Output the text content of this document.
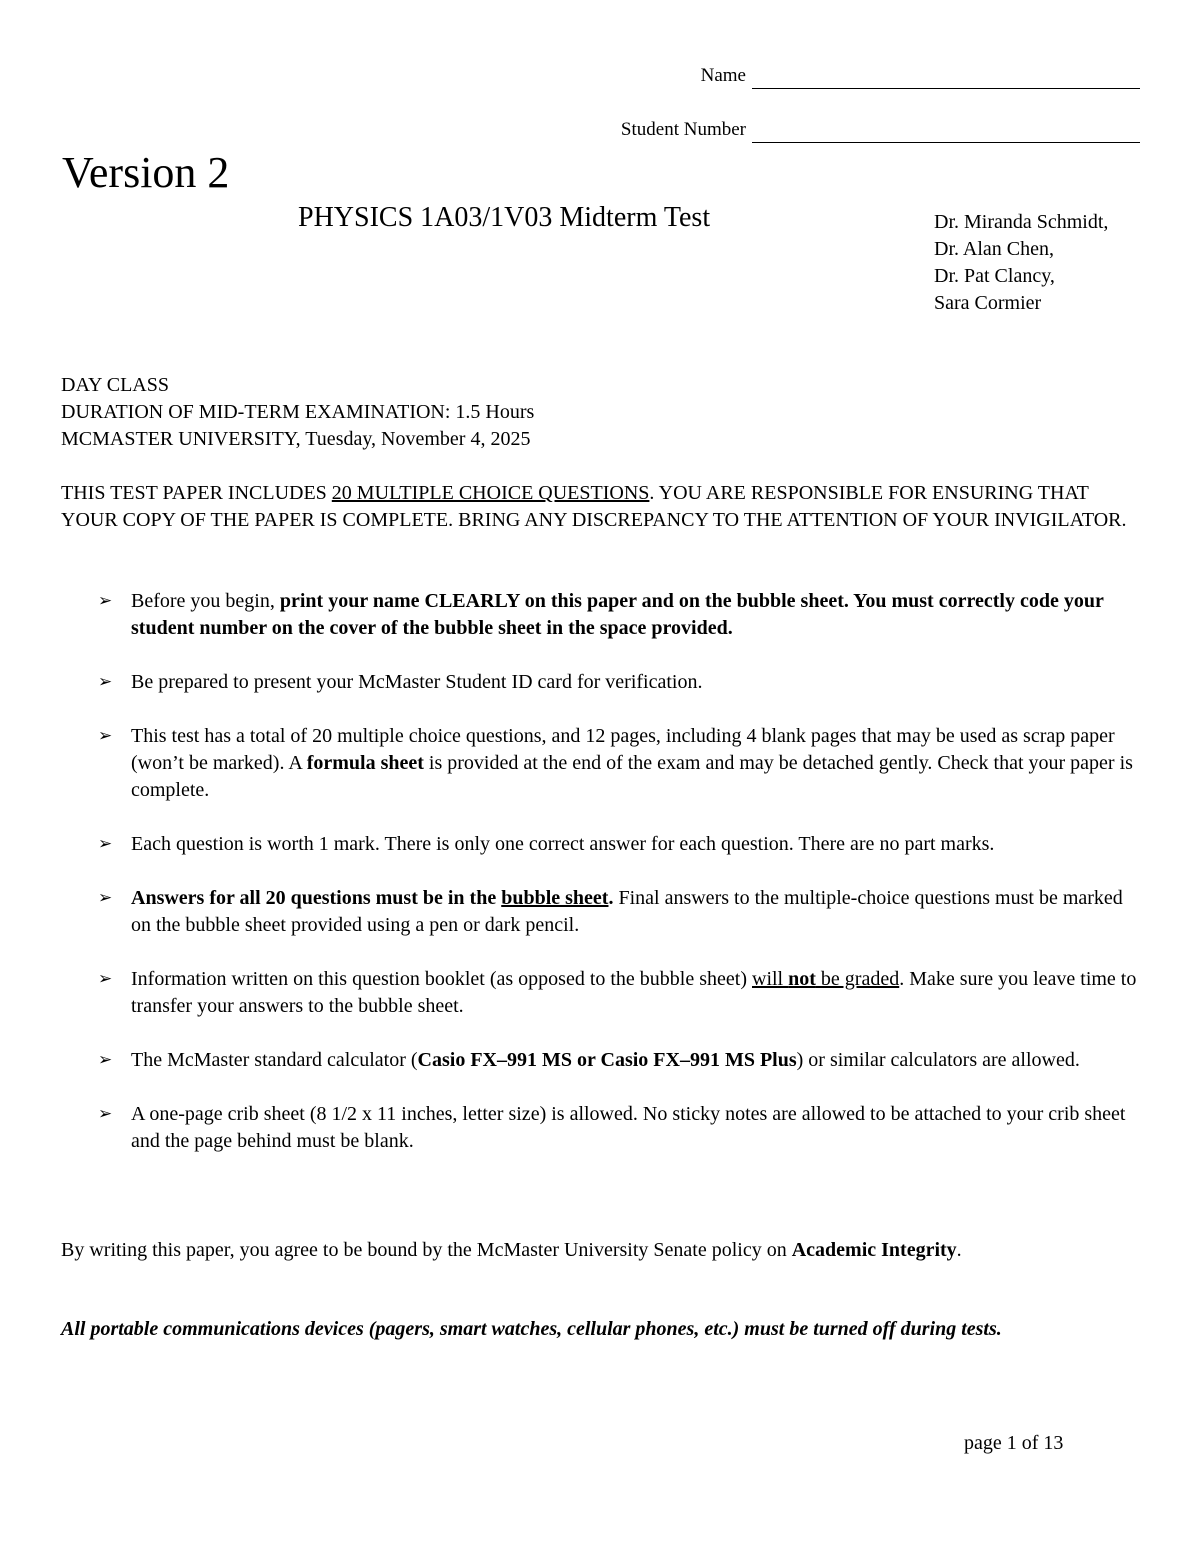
Name
Student Number
Version 2
PHYSICS 1A03/1V03 Midterm Test	Dr. Miranda Schmidt,
Dr. Alan Chen,
Dr. Pat Clancy,
Sara Cormier
DAY CLASS
DURATION OF MID-TERM EXAMINATION: 1.5 Hours
MCMASTER UNIVERSITY, Tuesday, November 4, 2025
THIS TEST PAPER INCLUDES 20 MULTIPLE CHOICE QUESTIONS. YOU ARE RESPONSIBLE FOR ENSURING THAT YOUR COPY OF THE PAPER IS COMPLETE. BRING ANY DISCREPANCY TO THE ATTENTION OF YOUR INVIGILATOR.
➢ Before you begin, print your name CLEARLY on this paper and on the bubble sheet. You must correctly code your student number on the cover of the bubble sheet in the space provided.
➢ Be prepared to present your McMaster Student ID card for verification.
➢ This test has a total of 20 multiple choice questions, and 12 pages, including 4 blank pages that may be used as scrap paper (won’t be marked). A formula sheet is provided at the end of the exam and may be detached gently. Check that your paper is complete.
➢ Each question is worth 1 mark. There is only one correct answer for each question. There are no part marks.
➢ Answers for all 20 questions must be in the bubble sheet. Final answers to the multiple-choice questions must be marked on the bubble sheet provided using a pen or dark pencil.
➢ Information written on this question booklet (as opposed to the bubble sheet) will not be graded. Make sure you leave time to transfer your answers to the bubble sheet.
➢ The McMaster standard calculator (Casio FX–991 MS or Casio FX–991 MS Plus) or similar calculators are allowed.
➢ A one-page crib sheet (8 1/2 x 11 inches, letter size) is allowed. No sticky notes are allowed to be attached to your crib sheet and the page behind must be blank.
By writing this paper, you agree to be bound by the McMaster University Senate policy on Academic Integrity.
All portable communications devices (pagers, smart watches, cellular phones, etc.) must be turned off during tests.
page 1 of 13
